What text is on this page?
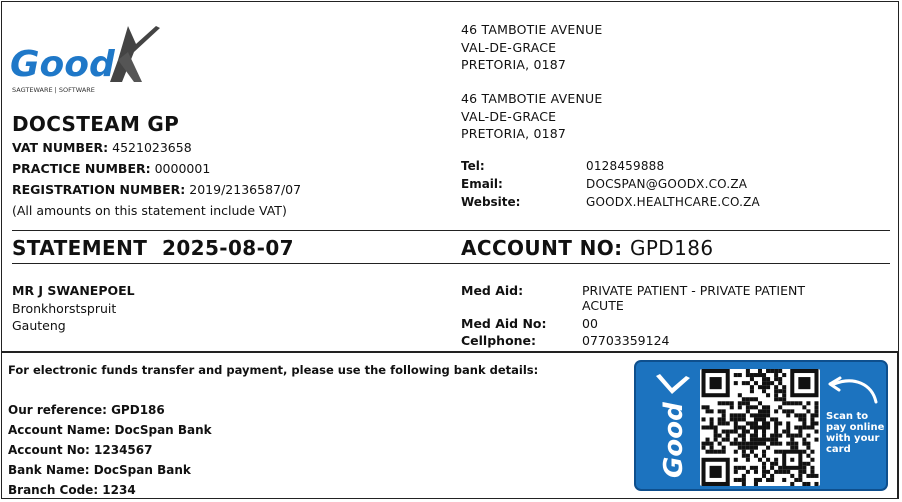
Good
SAGTEWARE | SOFTWARE
DOCSTEAM GP
VAT NUMBER: 4521023658
PRACTICE NUMBER: 0000001
REGISTRATION NUMBER: 2019/2136587/07
(All amounts on this statement include VAT)
46 TAMBOTIE AVENUE
VAL-DE-GRACE
PRETORIA, 0187
46 TAMBOTIE AVENUE
VAL-DE-GRACE
PRETORIA, 0187
Tel:	0128459888
Email:	DOCSPAN@GOODX.CO.ZA
Website:	GOODX.HEALTHCARE.CO.ZA
STATEMENT 2025-08-07	ACCOUNT NO: GPD186
MR J SWANEPOEL
Bronkhorstspruit
Gauteng
Med Aid:	PRIVATE PATIENT - PRIVATE PATIENT ACUTE
Med Aid No:	00
Cellphone:	07703359124
For electronic funds transfer and payment, please use the following bank details:
Our reference: GPD186
Account Name: DocSpan Bank
Account No: 1234567
Bank Name: DocSpan Bank
Branch Code: 1234
Good	Scan to pay online with your card
